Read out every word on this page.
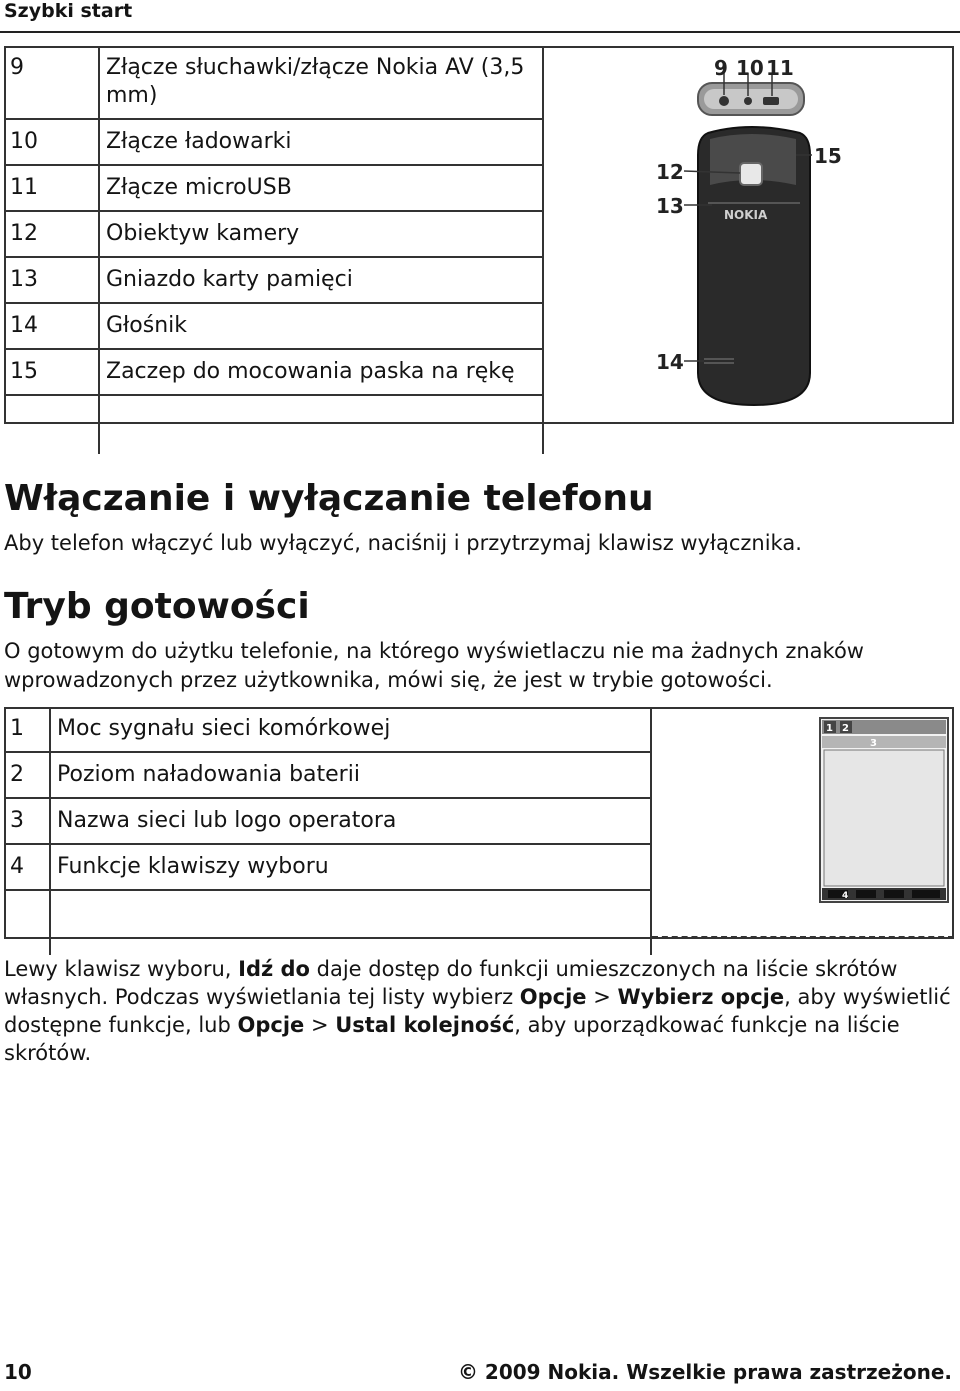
Szybki start
9	Złącze słuchawki/złącze Nokia AV (3,5 mm)
10	Złącze ładowarki
11	Złącze microUSB
12	Obiektyw kamery
13	Gniazdo karty pamięci
14	Głośnik
15	Zaczep do mocowania paska na rękę

9 10 11
NOKIA
12
13
14
15
Włączanie i wyłączanie telefonu

Aby telefon włączyć lub wyłączyć, naciśnij i przytrzymaj klawisz wyłącznika.

Tryb gotowości

O gotowym do użytku telefonie, na którego wyświetlaczu nie ma żadnych znaków wprowadzonych przez użytkownika, mówi się, że jest w trybie gotowości.

1	Moc sygnału sieci komórkowej
2	Poziom naładowania baterii
3	Nazwa sieci lub logo operatora
4	Funkcje klawiszy wyboru

1 2
3
4

Lewy klawisz wyboru, Idź do daje dostęp do funkcji umieszczonych na liście skrótów własnych. Podczas wyświetlania tej listy wybierz Opcje > Wybierz opcje, aby wyświetlić dostępne funkcje, lub Opcje > Ustal kolejność, aby uporządkować funkcje na liście skrótów.

10	© 2009 Nokia. Wszelkie prawa zastrzeżone.
